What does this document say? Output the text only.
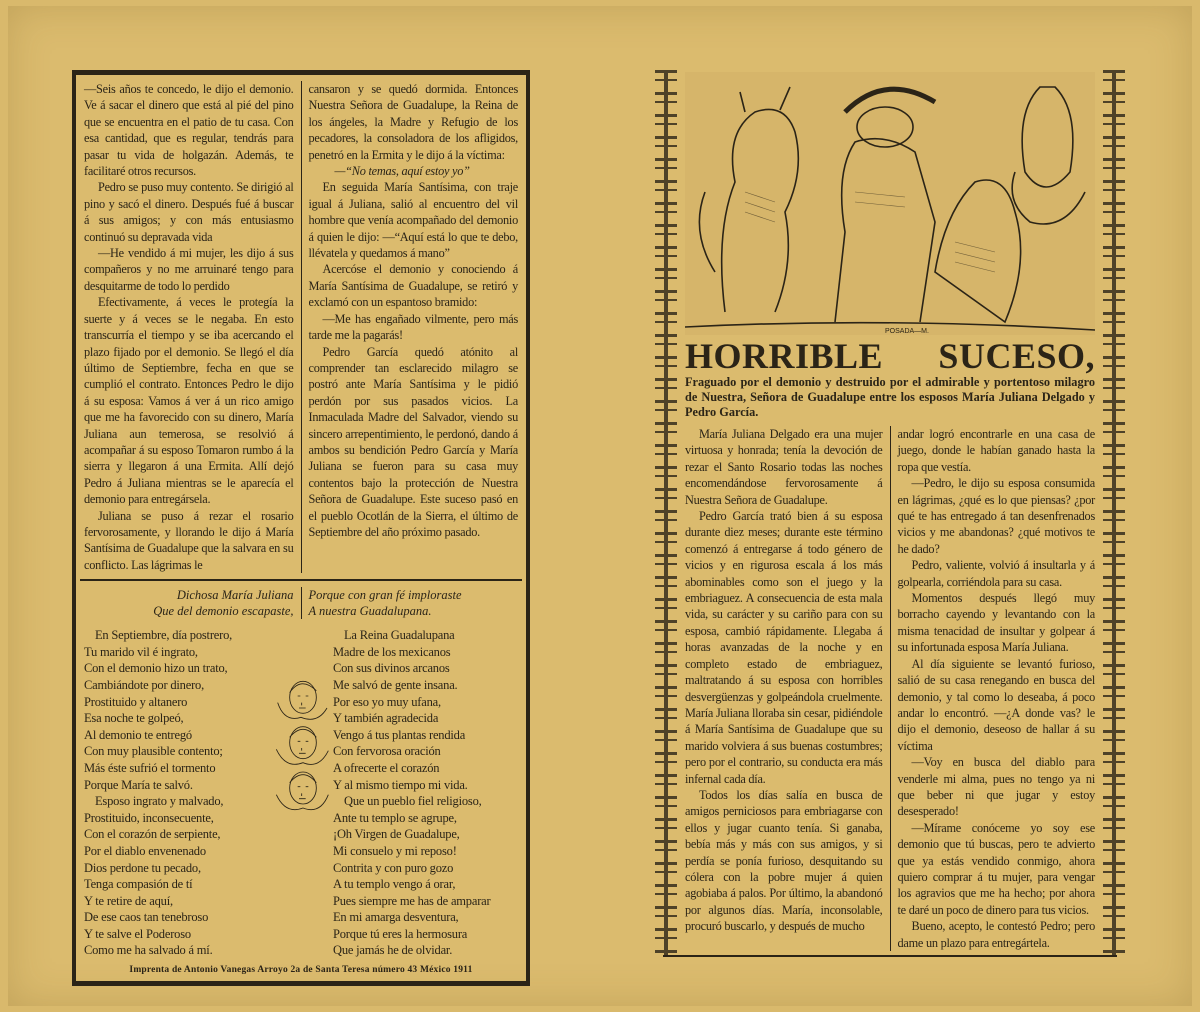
—Seis años te concedo, le dijo el demonio. Ve á sacar el dinero que está al pié del pino que se encuentra en el patio de tu casa. Con esa cantidad, que es regular, tendrás para pasar tu vida de holgazán. Además, te facilitaré otros recursos.

Pedro se puso muy contento. Se dirigió al pino y sacó el dinero. Después fué á buscar á sus amigos; y con más entusiasmo continuó su depravada vida

—He vendido á mi mujer, les dijo á sus compañeros y no me arruinaré tengo para desquitarme de todo lo perdido

Efectivamente, á veces le protegía la suerte y á veces se le negaba. En esto transcurría el tiempo y se iba acercando el plazo fijado por el demonio. Se llegó el día último de Septiembre, fecha en que se cumplió el contrato. Entonces Pedro le dijo á su esposa: Vamos á ver á un rico amigo que me ha favorecido con su dinero, María Juliana aun temerosa, se resolvió á acompañar á su esposo Tomaron rumbo á la sierra y llegaron á una Ermita. Allí dejó Pedro á Juliana mientras se le aparecía el demonio para entregársela.

Juliana se puso á rezar el rosario fervorosamente, y llorando le dijo á María Santísima de Guadalupe que la salvara en su conflicto. Las lágrimas le

cansaron y se quedó dormida. Entonces Nuestra Señora de Guadalupe, la Reina de los ángeles, la Madre y Refugio de los pecadores, la consoladora de los afligidos, penetró en la Ermita y le dijo á la víctima:

—“No temas, aquí estoy yo”

En seguida María Santísima, con traje igual á Juliana, salió al encuentro del vil hombre que venía acompañado del demonio á quien le dijo: —“Aquí está lo que te debo, llévatela y quedamos á mano”

Acercóse el demonio y conociendo á María Santísima de Guadalupe, se retiró y exclamó con un espantoso bramido:

—Me has engañado vilmente, pero más tarde me la pagarás!

Pedro García quedó atónito al comprender tan esclarecido milagro se postró ante María Santísima y le pidió perdón por sus pasados vicios. La Inmaculada Madre del Salvador, viendo su sincero arrepentimiento, le perdonó, dando á ambos su bendición Pedro García y María Juliana se fueron para su casa muy contentos bajo la protección de Nuestra Señora de Guadalupe. Este suceso pasó en el pueblo Ocotlán de la Sierra, el último de Septiembre del año próximo pasado.

Dichosa María Juliana
Que del demonio escapaste,
Porque con gran fé imploraste
A nuestra Guadalupana.
En Septiembre, día postrero,
Tu marido vil é ingrato,
Con el demonio hizo un trato,
Cambiándote por dinero,
Prostituido y altanero
Esa noche te golpeó,
Al demonio te entregó
Con muy plausible contento;
Más éste sufrió el tormento
Porque María te salvó.
Esposo ingrato y malvado,
Prostituido, inconsecuente,
Con el corazón de serpiente,
Por el diablo envenenado
Dios perdone tu pecado,
Tenga compasión de tí
Y te retire de aquí,
De ese caos tan tenebroso
Y te salve el Poderoso
Como me ha salvado á mí.
La Reina Guadalupana
Madre de los mexicanos
Con sus divinos arcanos
Me salvó de gente insana.
Por eso yo muy ufana,
Y también agradecida
Vengo á tus plantas rendida
Con fervorosa oración
A ofrecerte el corazón
Y al mismo tiempo mi vida.
Que un pueblo fiel religioso,
Ante tu templo se agrupe,
¡Oh Virgen de Guadalupe,
Mi consuelo y mi reposo!
Contrita y con puro gozo
A tu templo vengo á orar,
Pues siempre me has de amparar
En mi amarga desventura,
Porque tú eres la hermosura
Que jamás he de olvidar.
Imprenta de Antonio Vanegas Arroyo 2a de Santa Teresa número 43 México 1911
POSADA—M.
HORRIBLE SUCESO, Fraguado por el demonio y destruido por el admirable y portentoso milagro de Nuestra, Señora de Guadalupe entre los esposos María Juliana Delgado y Pedro García.

María Juliana Delgado era una mujer virtuosa y honrada; tenía la devoción de rezar el Santo Rosario todas las noches encomendándose fervorosamente á Nuestra Señora de Guadalupe.

Pedro García trató bien á su esposa durante diez meses; durante este término comenzó á entregarse á todo género de vicios y en rigurosa escala á los más abominables como son el juego y la embriaguez. A consecuencia de esta mala vida, su carácter y su cariño para con su esposa, cambió rápidamente. Llegaba á horas avanzadas de la noche y en completo estado de embriaguez, maltratando á su esposa con horribles desvergüenzas y golpeándola cruelmente. María Juliana lloraba sin cesar, pidiéndole á María Santísima de Guadalupe que su marido volviera á sus buenas costumbres; pero por el contrario, su conducta era más infernal cada día.

Todos los días salía en busca de amigos perniciosos para embriagarse con ellos y jugar cuanto tenía. Si ganaba, bebía más y más con sus amigos, y si perdía se ponía furioso, desquitando su cólera con la pobre mujer á quien agobiaba á palos. Por último, la abandonó por algunos días. María, inconsolable, procuró buscarlo, y después de mucho

andar logró encontrarle en una casa de juego, donde le habían ganado hasta la ropa que vestía.

—Pedro, le dijo su esposa consumida en lágrimas, ¿qué es lo que piensas? ¿por qué te has entregado á tan desenfrenados vicios y me abandonas? ¿qué motivos te he dado?

Pedro, valiente, volvió á insultarla y á golpearla, corriéndola para su casa.

Momentos después llegó muy borracho cayendo y levantando con la misma tenacidad de insultar y golpear á su infortunada esposa María Juliana.

Al día siguiente se levantó furioso, salió de su casa renegando en busca del demonio, y tal como lo deseaba, á poco andar lo encontró. —¿A donde vas? le dijo el demonio, deseoso de hallar á su víctima

—Voy en busca del diablo para venderle mi alma, pues no tengo ya ni que beber ni que jugar y estoy desesperado!

—Mírame conóceme yo soy ese demonio que tú buscas, pero te advierto que ya estás vendido conmigo, ahora quiero comprar á tu mujer, para vengar los agravios que me ha hecho; por ahora te daré un poco de dinero para tus vicios.

Bueno, acepto, le contestó Pedro; pero dame un plazo para entregártela.
